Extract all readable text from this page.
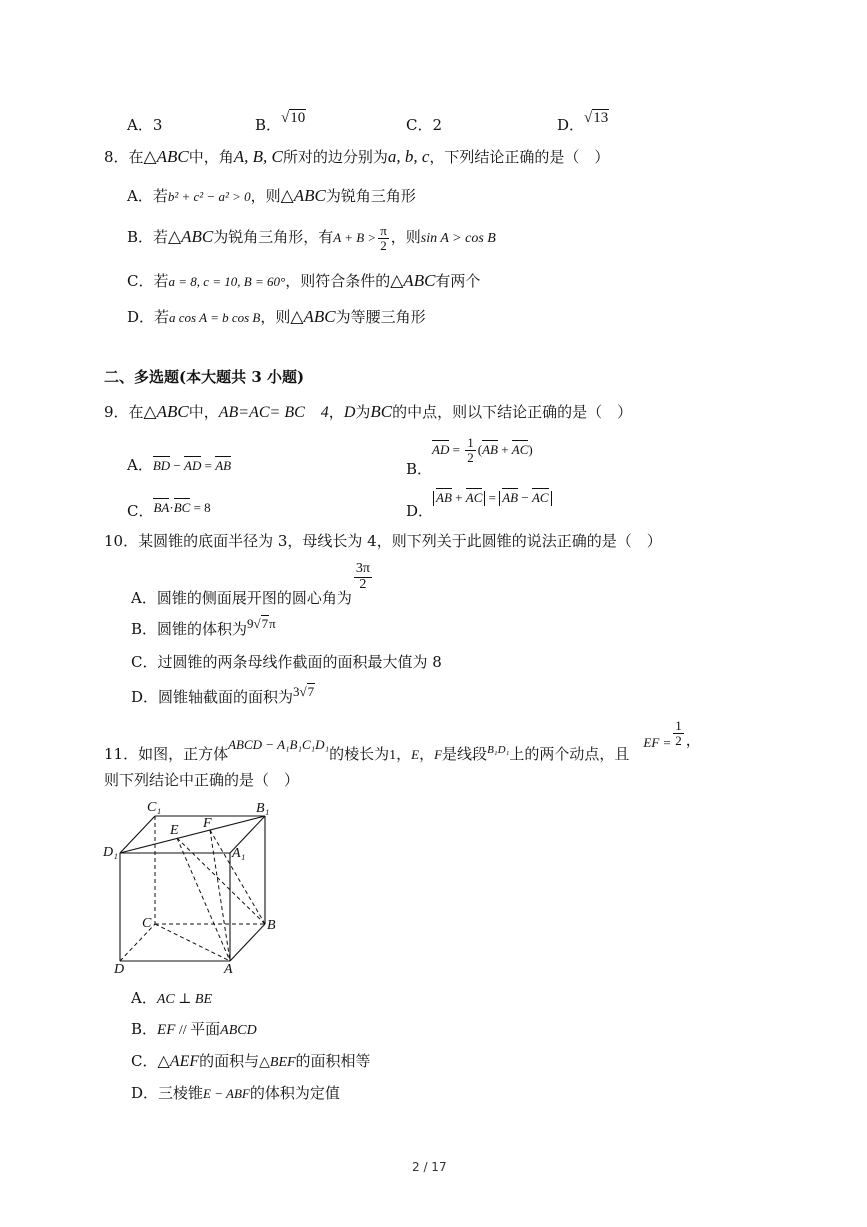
A．3	B．√10	C．2	D．√13
8．在△ABC中，角A, B, C所对的边分别为a, b, c，下列结论正确的是（　）
A．若b² + c² − a² > 0，则△ABC为锐角三角形
B．若△ABC为锐角三角形，有$A + B > \frac{\pi}{2}$ ，则sin A > cos B
C．若a = 8, c = 10, B = 60°，则符合条件的△ABC有两个
D．若a cos A = b cos B，则△ABC为等腰三角形
二、多选题(本大题共 3 小题)
9．在△ABC中，AB=AC= BC　4，D为BC的中点，则以下结论正确的是（　）
A．BD − AD = AB	B．AD = $\frac{1}{2} (AB + AC)$
C．BA·BC = 8	D．AB + AC = AB − AC
10．某圆锥的底面半径为 3，母线长为 4，则下列关于此圆锥的说法正确的是（　）
A．圆锥的侧面展开图的圆心角为
$\frac{3\pi}{2}$
B．圆锥的体积为9√7π
C．过圆锥的两条母线作截面的面积最大值为 8
D．圆锥轴截面的面积为3√7
11．如图，正方体ABCD − A₁B₁C₁D₁的棱长为1，E，F是线段$_{B_1D_1}$上的两个动点，且EF = $\frac{1}{2}$ ，
则下列结论中正确的是（　）
C₁	B₁
D₁	A₁
E F
C	B
D	A
A．AC ⊥ BE
B．EF // 平面ABCD
C．△AEF的面积与△BEF的面积相等
D．三棱锥E − ABF的体积为定值
2 / 17
